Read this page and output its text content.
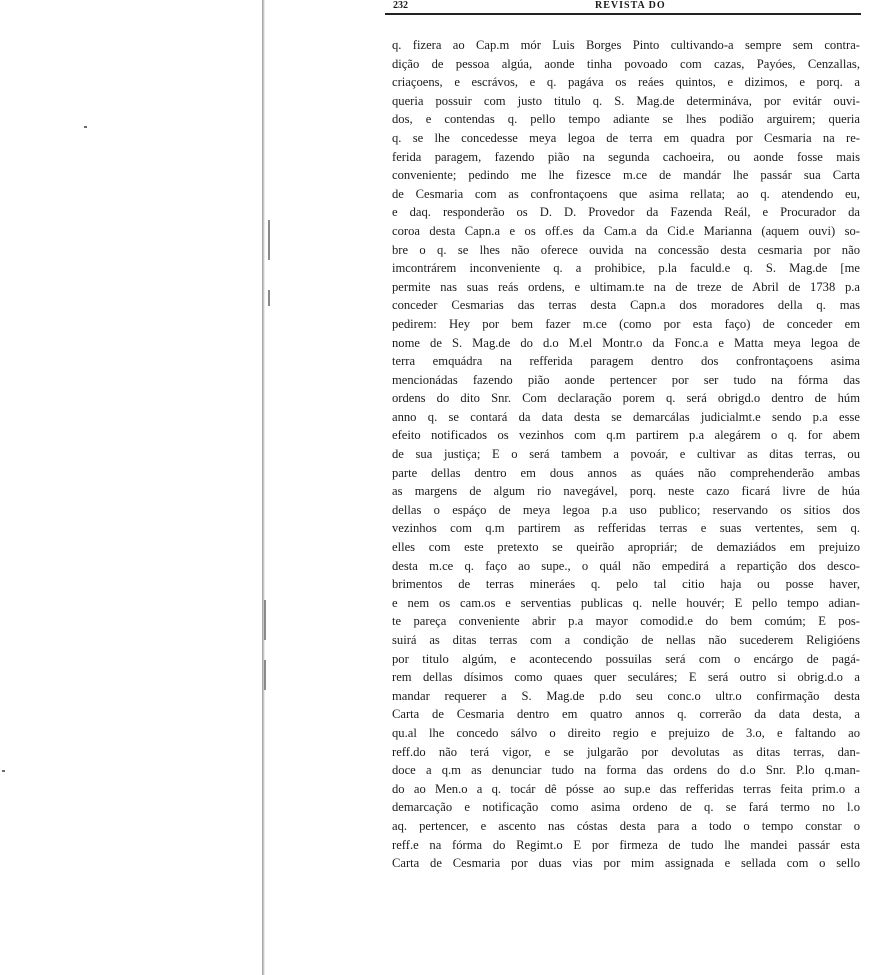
232	REVISTA DO
q. fizera ao Cap.m mór Luis Borges Pinto cultivando-a sempre sem contra-
dição de pessoa algúa, aonde tinha povoado com cazas, Payóes, Cenzallas,
criaçoens, e escrávos, e q. pagáva os reáes quintos, e dizimos, e porq. a
queria possuir com justo titulo q. S. Mag.de determináva, por evitár ouvi-
dos, e contendas q. pello tempo adiante se lhes podião arguirem; queria
q. se lhe concedesse meya legoa de terra em quadra por Cesmaria na re-
ferida paragem, fazendo pião na segunda cachoeira, ou aonde fosse mais
conveniente; pedindo me lhe fizesce m.ce de mandár lhe passár sua Carta
de Cesmaria com as confrontaçoens que asima rellata; ao q. atendendo eu,
e daq. responderão os D. D. Provedor da Fazenda Reál, e Procurador da
coroa desta Capn.a e os off.es da Cam.a da Cid.e Marianna (aquem ouvi) so-
bre o q. se lhes não oferece ouvida na concessão desta cesmaria por não
imcontrárem inconveniente q. a prohibice, p.la faculd.e q. S. Mag.de [me
permite nas suas reás ordens, e ultimam.te na de treze de Abril de 1738 p.a
conceder Cesmarias das terras desta Capn.a dos moradores della q. mas
pedirem: Hey por bem fazer m.ce (como por esta faço) de conceder em
nome de S. Mag.de do d.o M.el Montr.o da Fonc.a e Matta meya legoa de
terra emquádra na refferida paragem dentro dos confrontaçoens asima
mencionádas fazendo pião aonde pertencer por ser tudo na fórma das
ordens do dito Snr. Com declaração porem q. será obrigd.o dentro de húm
anno q. se contará da data desta se demarcálas judicialmt.e sendo p.a esse
efeito notificados os vezinhos com q.m partirem p.a alegárem o q. for abem
de sua justiça; E o será tambem a povoár, e cultivar as ditas terras, ou
parte dellas dentro em dous annos as quáes não comprehenderão ambas
as margens de algum rio navegável, porq. neste cazo ficará livre de húa
dellas o espáço de meya legoa p.a uso publico; reservando os sitios dos
vezinhos com q.m partirem as refferidas terras e suas vertentes, sem q.
elles com este pretexto se queirão apropriár; de demaziádos em prejuizo
desta m.ce q. faço ao supe., o quál não empedirá a repartição dos desco-
brimentos de terras mineráes q. pelo tal citio haja ou posse haver,
e nem os cam.os e serventias publicas q. nelle houvér; E pello tempo adian-
te pareça conveniente abrir p.a mayor comodid.e do bem comúm; E pos-
suirá as ditas terras com a condição de nellas não sucederem Religióens
por titulo algúm, e acontecendo possuilas será com o encárgo de pagá-
rem dellas dísimos como quaes quer seculáres; E será outro si obrig.d.o a
mandar requerer a S. Mag.de p.do seu conc.o ultr.o confirmação desta
Carta de Cesmaria dentro em quatro annos q. correrão da data desta, a
qu.al lhe concedo sálvo o direito regio e prejuizo de 3.o, e faltando ao
reff.do não terá vigor, e se julgarão por devolutas as ditas terras, dan-
doce a q.m as denunciar tudo na forma das ordens do d.o Snr. P.lo q.man-
do ao Men.o a q. tocár dê pósse ao sup.e das refferidas terras feita prim.o a
demarcação e notificação como asima ordeno de q. se fará termo no l.o
aq. pertencer, e ascento nas cóstas desta para a todo o tempo constar o
reff.e na fórma do Regimt.o E por firmeza de tudo lhe mandei passár esta
Carta de Cesmaria por duas vias por mim assignada e sellada com o sello
